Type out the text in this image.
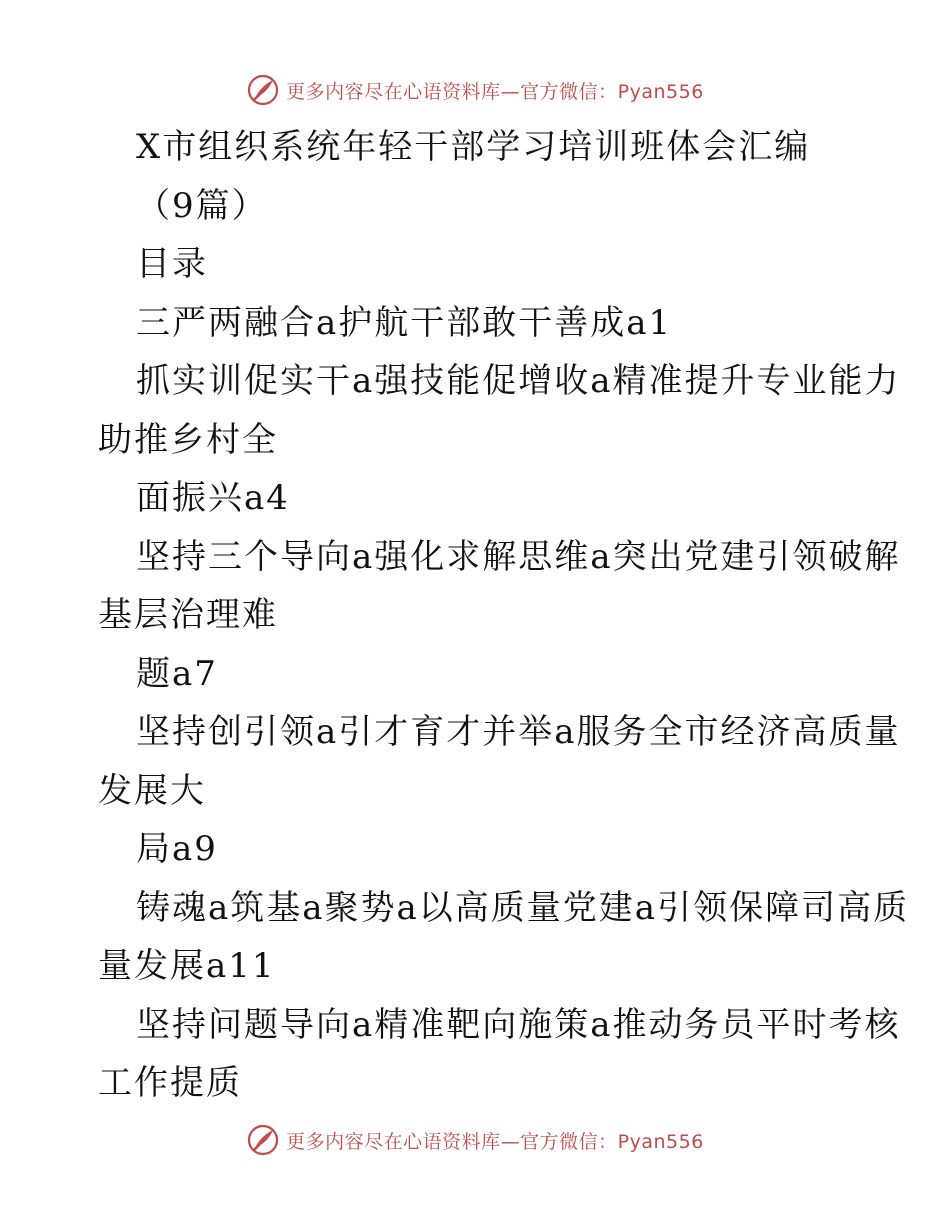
更多内容尽在心语资料库—官方微信：Pyan556
X市组织系统年轻干部学习培训班体会汇编
（9篇）
目录
三严两融合a护航干部敢干善成a1
抓实训促实干a强技能促增收a精准提升专业能力
助推乡村全
面振兴a4
坚持三个导向a强化求解思维a突出党建引领破解
基层治理难
题a7
坚持创引领a引才育才并举a服务全市经济高质量
发展大
局a9
铸魂a筑基a聚势a以高质量党建a引领保障司高质
量发展a11
坚持问题导向a精准靶向施策a推动务员平时考核
工作提质
更多内容尽在心语资料库—官方微信：Pyan556
